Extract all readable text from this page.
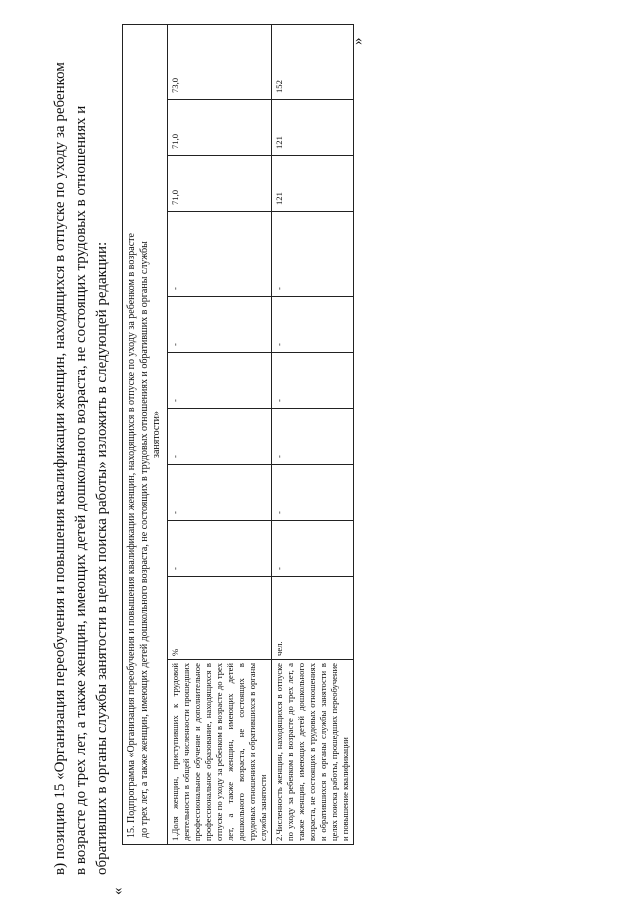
в) позицию 15 «Организация переобучения и повышения квалификации женщин, находящихся в отпуске по уходу за ребенком в возрасте до трех лет, а также женщин, имеющих детей дошкольного возраста, не состоящих трудовых в отношениях и обративших в органы службы занятости в целях поиска работы» изложить в следующей редакции:
«
15. Подпрограмма «Организация переобучения и повышения квалификации женщин, находящихся в отпуске по уходу за ребенком в возрасте до трех лет, а также женщин, имеющих детей дошкольного возраста, не состоящих в трудовых отношениях и обративших в органы службы занятости»										

1.Доля женщин, приступивших к трудовой деятельности в общей численности прошедших профессиональное обучение и дополнительное профессиональное образование, находящихся в отпуске по уходу за ребенком в возрасте до трех лет, а также женщин, имеющих детей дошкольного возраста, не состоящих в трудовых отношениях и обратившихся в органы службы занятости	%	-	-	-	-	-	-	71,0	71,0	73,0
2.Численность женщин, находящихся в отпуске по уходу за ребенком в возрасте до трех лет, а также женщин, имеющих детей дошкольного возраста, не состоящих в трудовых отношениях и обратившихся в органы службы занятости в целях поиска работы, прошедших переобучение и повышение квалификации	чел.	-	-	-	-	-	-	121	121	152
»
